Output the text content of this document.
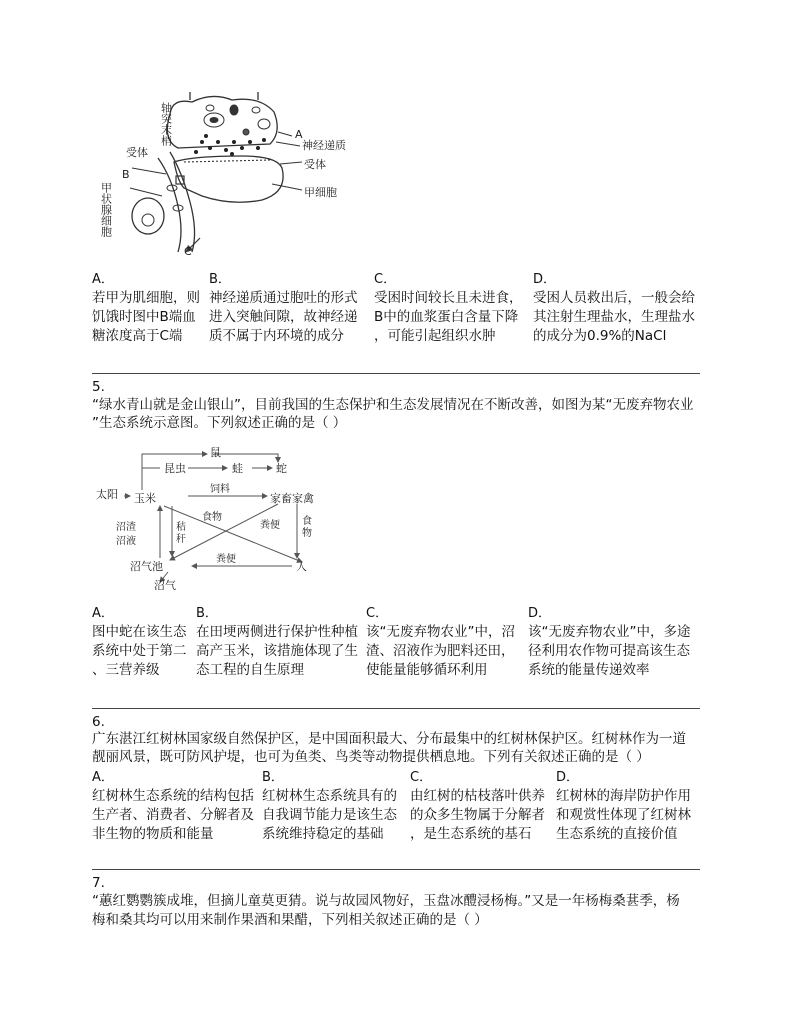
轴突末梢	A
神经递质
受体
受体
B
甲状腺细胞	甲细胞
C
A．
若甲为肌细胞，则
饥饿时图中B端血
糖浓度高于C端
B．
神经递质通过胞吐的形式
进入突触间隙，故神经递
质不属于内环境的成分
C．
受困时间较长且未进食，
B中的血浆蛋白含量下降
，可能引起组织水肿
D．
受困人员救出后，一般会给
其注射生理盐水，生理盐水
的成分为0.9%的NaCl
5.
“绿水青山就是金山银山”，目前我国的生态保护和生态发展情况在不断改善，如图为某“无废弃物农业
”生态系统示意图。下列叙述正确的是（ ）
鼠
昆虫	蛙	蛇
太阳 玉米
饲料
家畜家禽
食物
粪便
沼渣
沼液
秸
秆
食
物
沼气池
粪便
人
沼气
A．
图中蛇在该生态
系统中处于第二
、三营养级
B．
在田埂两侧进行保护性种植
高产玉米，该措施体现了生
态工程的自生原理
C．
该“无废弃物农业”中，沼
渣、沼液作为肥料还田，
使能量能够循环利用
D．
该“无废弃物农业”中，多途
径利用农作物可提高该生态
系统的能量传递效率
6.
广东湛江红树林国家级自然保护区，是中国面积最大、分布最集中的红树林保护区。红树林作为一道
靓丽风景，既可防风护堤，也可为鱼类、鸟类等动物提供栖息地。下列有关叙述正确的是（ ）
A．
红树林生态系统的结构包括
生产者、消费者、分解者及
非生物的物质和能量
B．
红树林生态系统具有的
自我调节能力是该生态
系统维持稳定的基础
C．
由红树的枯枝落叶供养
的众多生物属于分解者
，是生态系统的基石
D．
红树林的海岸防护作用
和观赏性体现了红树林
生态系统的直接价值
7.
“蕙红鹦鹦簇成堆，但摘儿童莫更猜。说与故园风物好，玉盘冰醴浸杨梅。”又是一年杨梅桑葚季，杨
梅和桑其均可以用来制作果酒和果醋，下列相关叙述正确的是（ ）
